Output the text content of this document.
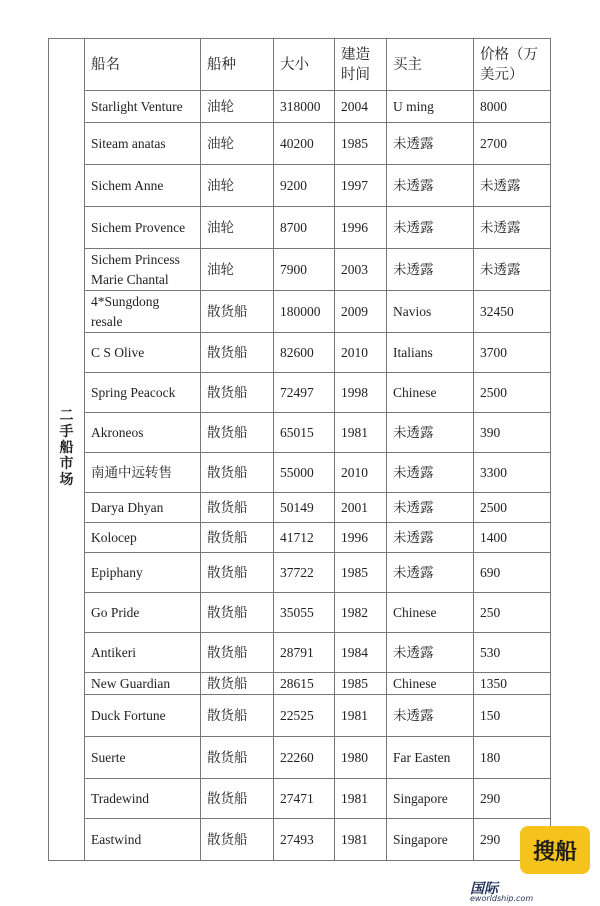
二手船市场	船名	船种	大小	建造
时间	买主	价格（万
美元）
	Starlight Venture	油轮	318000	2004	U ming	8000
	Siteam anatas	油轮	40200	1985	未透露	2700
	Sichem Anne	油轮	9200	1997	未透露	未透露
	Sichem Provence	油轮	8700	1996	未透露	未透露
	Sichem Princess
Marie Chantal	油轮	7900	2003	未透露	未透露
	4*Sungdong
resale	散货船	180000	2009	Navios	32450
	C S Olive	散货船	82600	2010	Italians	3700
	Spring Peacock	散货船	72497	1998	Chinese	2500
	Akroneos	散货船	65015	1981	未透露	390
	南通中远转售	散货船	55000	2010	未透露	3300
	Darya Dhyan	散货船	50149	2001	未透露	2500
	Kolocep	散货船	41712	1996	未透露	1400
	Epiphany	散货船	37722	1985	未透露	690
	Go Pride	散货船	35055	1982	Chinese	250
	Antikeri	散货船	28791	1984	未透露	530
	New Guardian	散货船	28615	1985	Chinese	1350
	Duck Fortune	散货船	22525	1981	未透露	150
	Suerte	散货船	22260	1980	Far Easten	180
	Tradewind	散货船	27471	1981	Singapore	290
	Eastwind	散货船	27493	1981	Singapore	290
搜船
国际
eworldship.com
